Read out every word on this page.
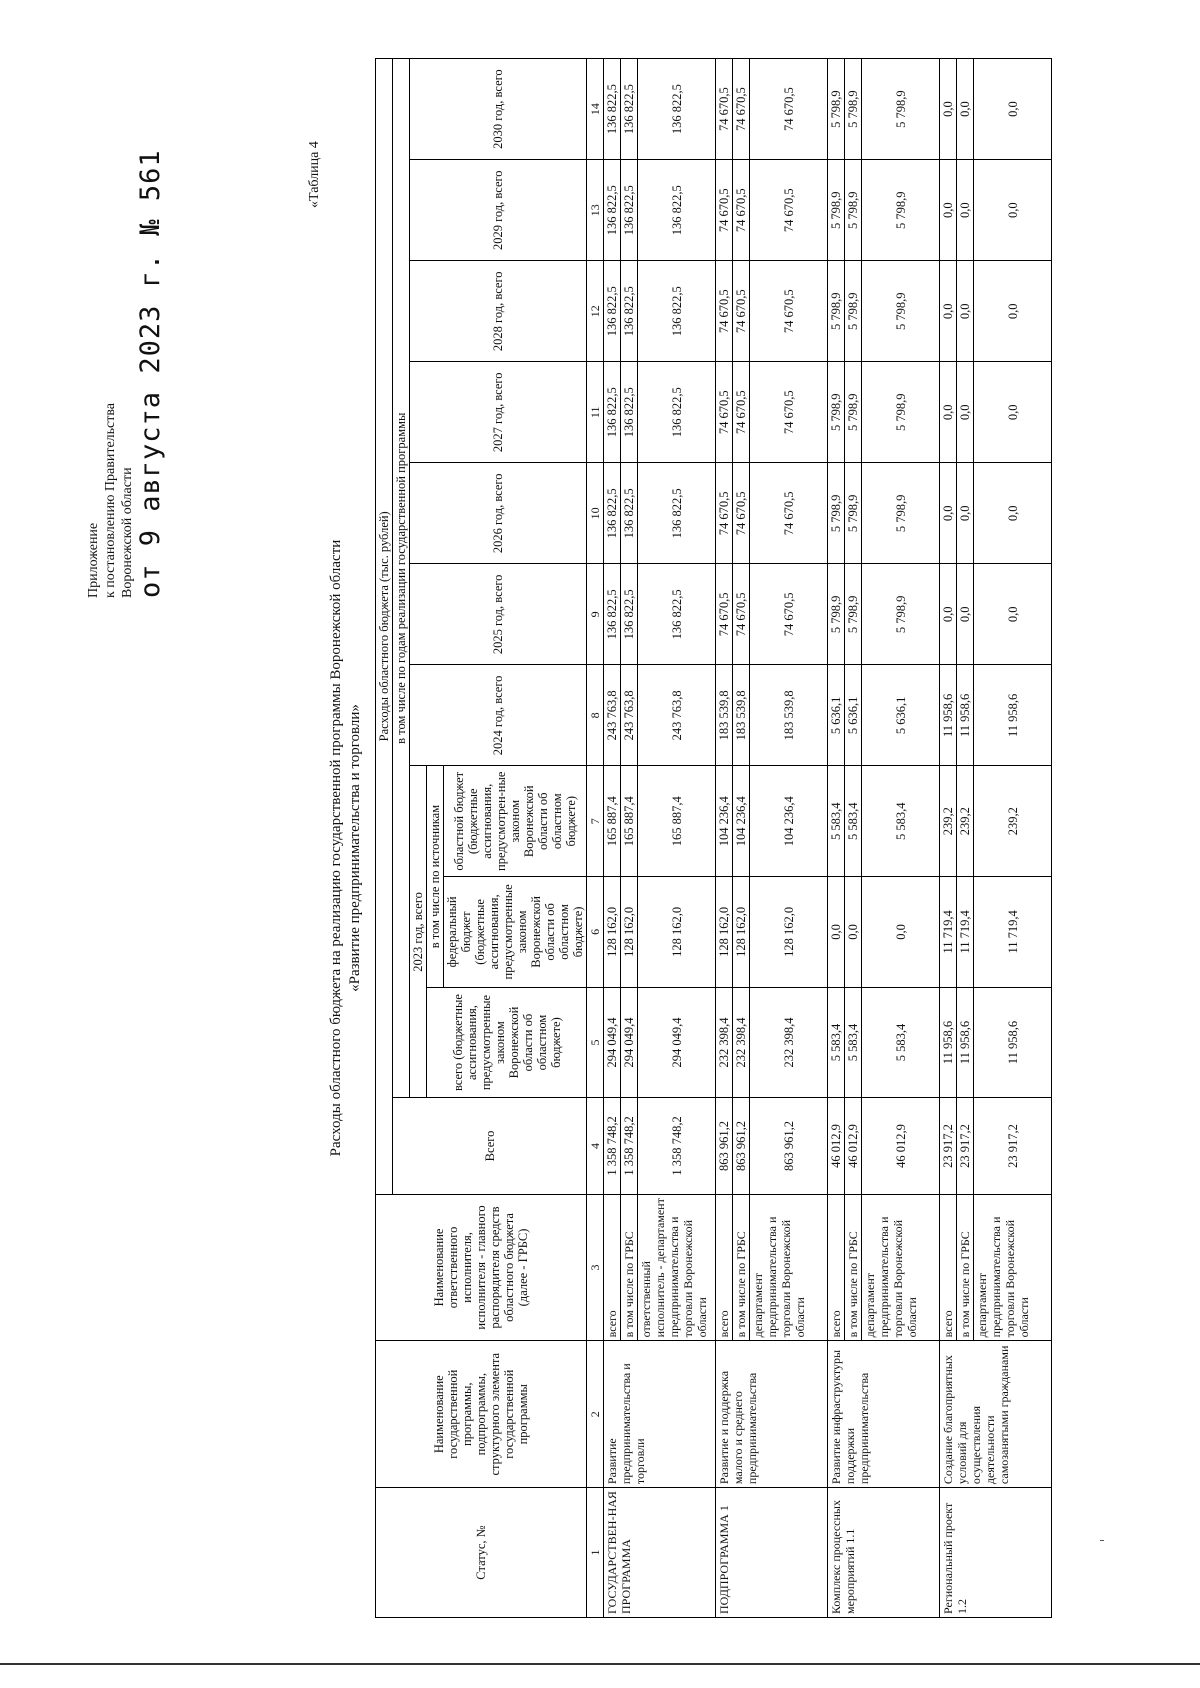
Приложение к постановлению Правительства Воронежской области от 9 августа 2023 г. № 561	«Таблица 4
Расходы областного бюджета на реализацию государственной программы Воронежской области «Развитие предпринимательства и торговли»
Статус, №	Наименование государственной программы, подпрограммы, структурного элемента государственной программы	Наименование ответственного исполнителя, исполнителя - главного распорядителя средств областного бюджета (далее - ГРБС)	Расходы областного бюджета (тыс. рублей)										
			Всего	в том числе по годам реализации государственной программы									
				2023 год, всего			2024 год, всего	2025 год, всего	2026 год, всего	2027 год, всего	2028 год, всего	2029 год, всего	2030 год, всего
				всего (бюджетные ассигнования, предусмотренные законом Воронежской области об областном бюджете)	в том числе по источникам								
					федеральный бюджет (бюджетные ассигнования, предусмотренные законом Воронежской области об областном бюджете)	областной бюджет (бюджетные ассигнования, предусмотрен-ные законом Воронежской области об областном бюджете)							
1	2	3	4	5	6	7	8	9	10	11	12	13	14
ГОСУДАРСТВЕН-НАЯ ПРОГРАММА	Развитие предпринимательства и торговли	всего	1 358 748,2	294 049,4	128 162,0	165 887,4	243 763,8	136 822,5	136 822,5	136 822,5	136 822,5	136 822,5	136 822,5
		в том числе по ГРБС	1 358 748,2	294 049,4	128 162,0	165 887,4	243 763,8	136 822,5	136 822,5	136 822,5	136 822,5	136 822,5	136 822,5
		ответственный исполнитель - департамент предпринимательства и торговли Воронежской области	1 358 748,2	294 049,4	128 162,0	165 887,4	243 763,8	136 822,5	136 822,5	136 822,5	136 822,5	136 822,5	136 822,5
ПОДПРОГРАММА 1	Развитие и поддержка малого и среднего предпринимательства	всего	863 961,2	232 398,4	128 162,0	104 236,4	183 539,8	74 670,5	74 670,5	74 670,5	74 670,5	74 670,5	74 670,5
		в том числе по ГРБС	863 961,2	232 398,4	128 162,0	104 236,4	183 539,8	74 670,5	74 670,5	74 670,5	74 670,5	74 670,5	74 670,5
		департамент предпринимательства и торговли Воронежской области	863 961,2	232 398,4	128 162,0	104 236,4	183 539,8	74 670,5	74 670,5	74 670,5	74 670,5	74 670,5	74 670,5
Комплекс процессных мероприятий 1.1	Развитие инфраструктуры поддержки предпринимательства	всего	46 012,9	5 583,4	0,0	5 583,4	5 636,1	5 798,9	5 798,9	5 798,9	5 798,9	5 798,9	5 798,9
		в том числе по ГРБС	46 012,9	5 583,4	0,0	5 583,4	5 636,1	5 798,9	5 798,9	5 798,9	5 798,9	5 798,9	5 798,9
		департамент предпринимательства и торговли Воронежской области	46 012,9	5 583,4	0,0	5 583,4	5 636,1	5 798,9	5 798,9	5 798,9	5 798,9	5 798,9	5 798,9
Региональный проект 1.2	Создание благоприятных условий для осуществления деятельности самозанятыми гражданами	всего	23 917,2	11 958,6	11 719,4	239,2	11 958,6	0,0	0,0	0,0	0,0	0,0	0,0
		в том числе по ГРБС	23 917,2	11 958,6	11 719,4	239,2	11 958,6	0,0	0,0	0,0	0,0	0,0	0,0
		департамент предпринимательства и торговли Воронежской области	23 917,2	11 958,6	11 719,4	239,2	11 958,6	0,0	0,0	0,0	0,0	0,0	0,0
